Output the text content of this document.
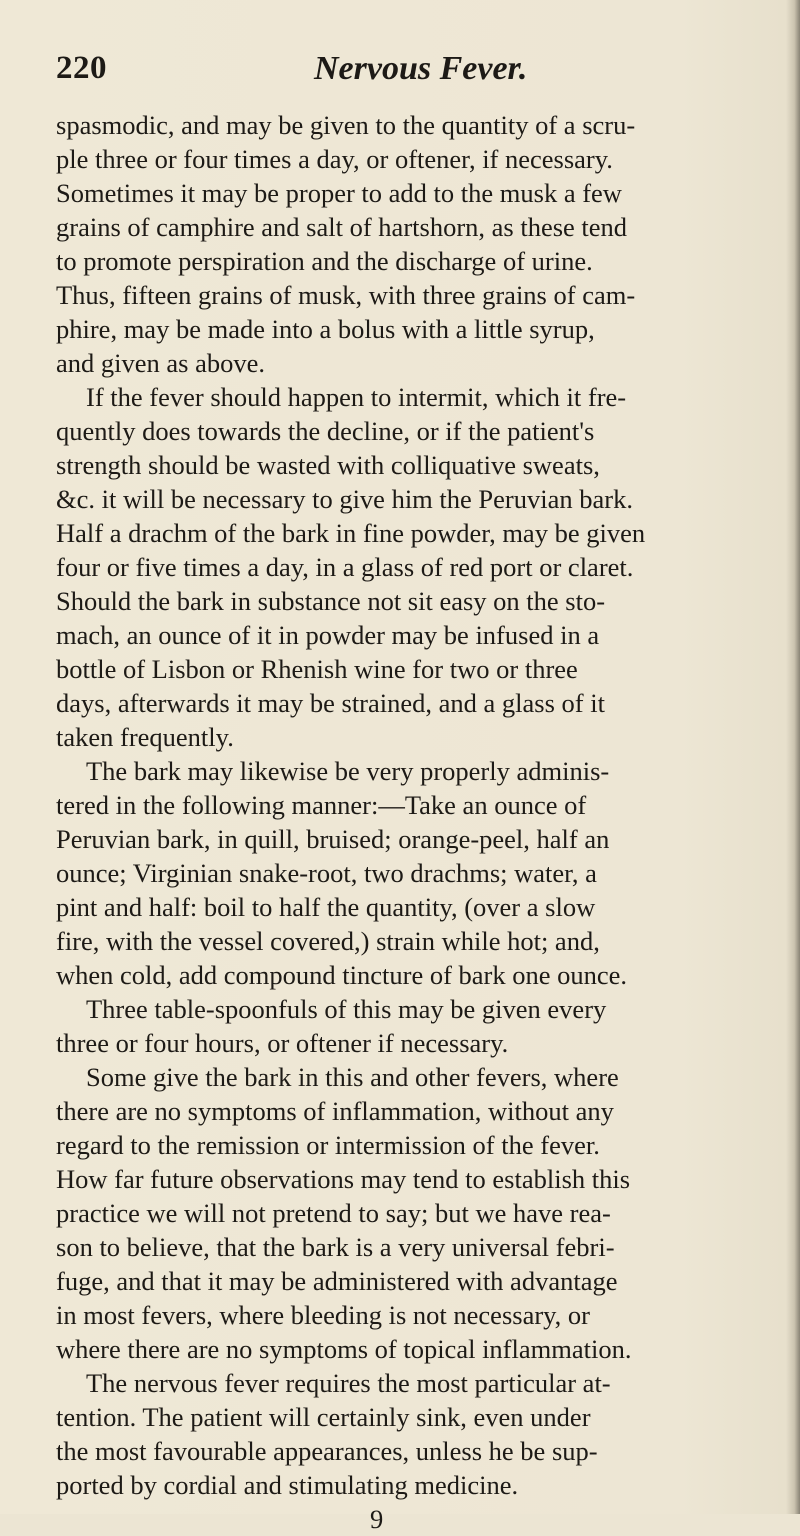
220	Nervous Fever.
spasmodic, and may be given to the quantity of a scru-
ple three or four times a day, or oftener, if necessary.
Sometimes it may be proper to add to the musk a few
grains of camphire and salt of hartshorn, as these tend
to promote perspiration and the discharge of urine.
Thus, fifteen grains of musk, with three grains of cam-
phire, may be made into a bolus with a little syrup,
and given as above.
If the fever should happen to intermit, which it fre-
quently does towards the decline, or if the patient's
strength should be wasted with colliquative sweats,
&c. it will be necessary to give him the Peruvian bark.
Half a drachm of the bark in fine powder, may be given
four or five times a day, in a glass of red port or claret.
Should the bark in substance not sit easy on the sto-
mach, an ounce of it in powder may be infused in a
bottle of Lisbon or Rhenish wine for two or three
days, afterwards it may be strained, and a glass of it
taken frequently.
The bark may likewise be very properly adminis-
tered in the following manner:—Take an ounce of
Peruvian bark, in quill, bruised; orange-peel, half an
ounce; Virginian snake-root, two drachms; water, a
pint and half: boil to half the quantity, (over a slow
fire, with the vessel covered,) strain while hot; and,
when cold, add compound tincture of bark one ounce.
Three table-spoonfuls of this may be given every
three or four hours, or oftener if necessary.
Some give the bark in this and other fevers, where
there are no symptoms of inflammation, without any
regard to the remission or intermission of the fever.
How far future observations may tend to establish this
practice we will not pretend to say; but we have rea-
son to believe, that the bark is a very universal febri-
fuge, and that it may be administered with advantage
in most fevers, where bleeding is not necessary, or
where there are no symptoms of topical inflammation.
The nervous fever requires the most particular at-
tention. The patient will certainly sink, even under
the most favourable appearances, unless he be sup-
ported by cordial and stimulating medicine.
9
